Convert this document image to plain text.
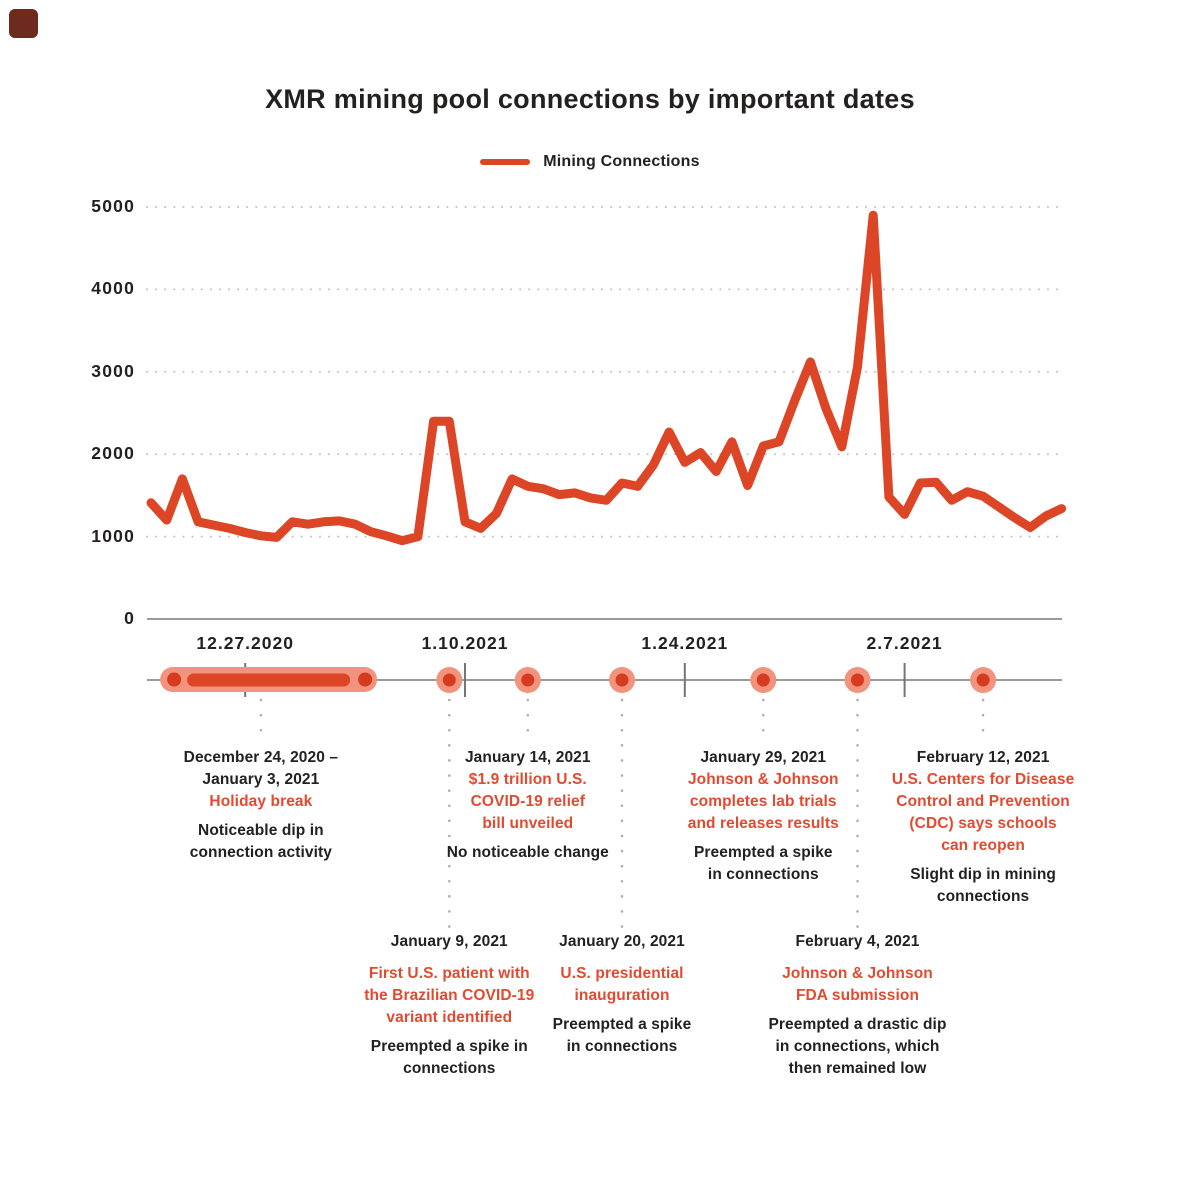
XMR mining pool connections by important dates
Mining Connections
0
1000
2000
3000
4000
5000
12.27.2020	1.10.2021	1.24.2021	2.7.2021
December 24, 2020 –
January 3, 2021
Holiday break
Noticeable dip in
connection activity
January 9, 2021
First U.S. patient with
the Brazilian COVID-19
variant identified
Preempted a spike in
connections
January 14, 2021
$1.9 trillion U.S.
COVID-19 relief
bill unveiled
No noticeable change
January 20, 2021
U.S. presidential
inauguration
Preempted a spike
in connections
January 29, 2021
Johnson & Johnson
completes lab trials
and releases results
Preempted a spike
in connections
February 4, 2021
Johnson & Johnson
FDA submission
Preempted a drastic dip
in connections, which
then remained low
February 12, 2021
U.S. Centers for Disease
Control and Prevention
(CDC) says schools
can reopen
Slight dip in mining
connections
